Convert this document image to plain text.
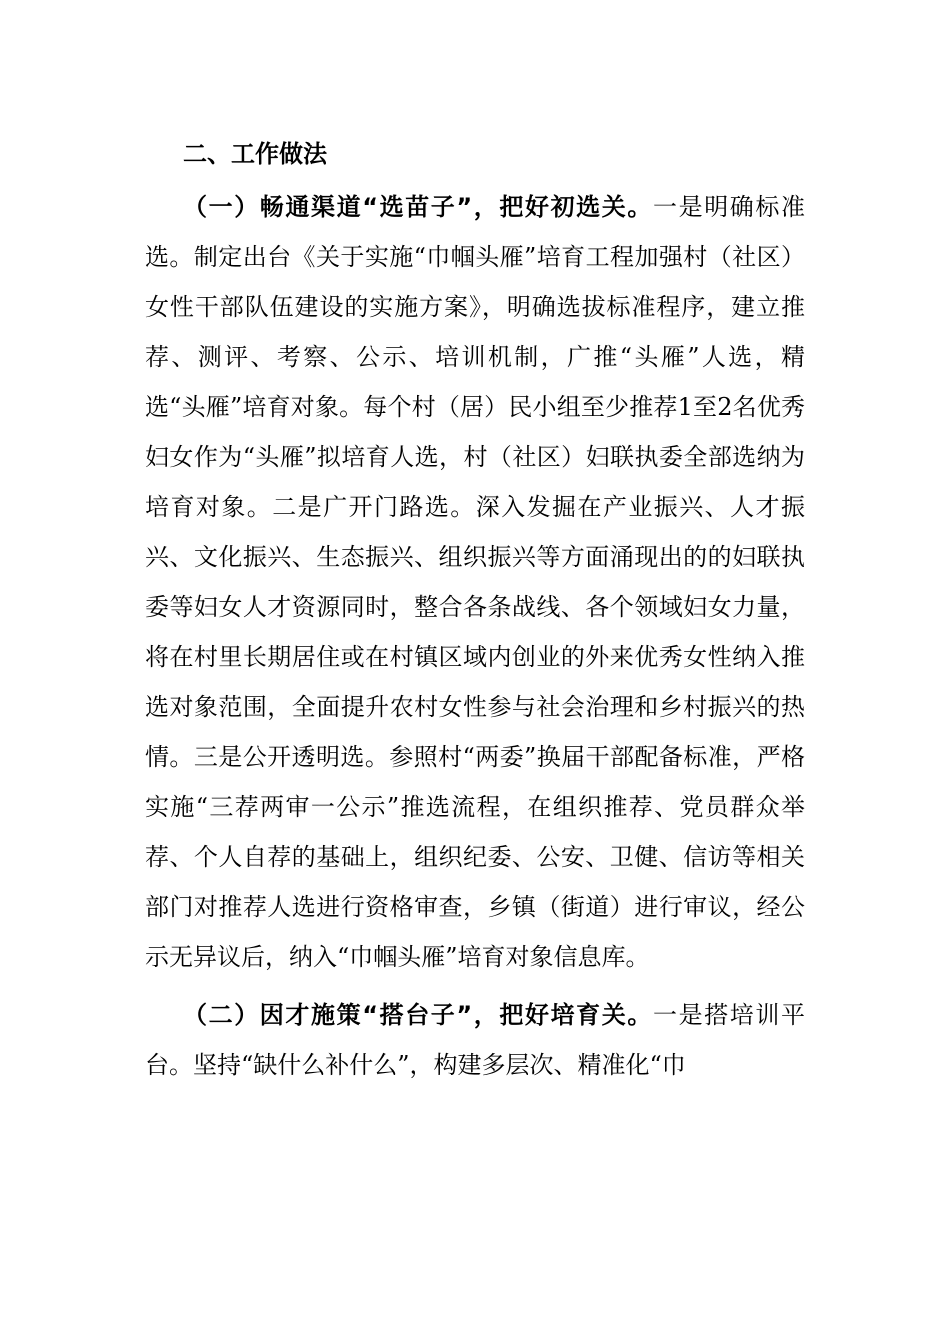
二、工作做法

（一）畅通渠道“选苗子”，把好初选关。一是明确标准选。制定出台《关于实施“巾帼头雁”培育工程加强村（社区）女性干部队伍建设的实施方案》，明确选拔标准程序，建立推荐、测评、考察、公示、培训机制，广推“头雁”人选，精选“头雁”培育对象。每个村（居）民小组至少推荐1至2名优秀妇女作为“头雁”拟培育人选，村（社区）妇联执委全部选纳为培育对象。二是广开门路选。深入发掘在产业振兴、人才振兴、文化振兴、生态振兴、组织振兴等方面涌现出的的妇联执委等妇女人才资源同时，整合各条战线、各个领域妇女力量，将在村里长期居住或在村镇区域内创业的外来优秀女性纳入推选对象范围，全面提升农村女性参与社会治理和乡村振兴的热情。三是公开透明选。参照村“两委”换届干部配备标准，严格实施“三荐两审一公示”推选流程，在组织推荐、党员群众举荐、个人自荐的基础上，组织纪委、公安、卫健、信访等相关部门对推荐人选进行资格审查，乡镇（街道）进行审议，经公示无异议后，纳入“巾帼头雁”培育对象信息库。

（二）因才施策“搭台子”，把好培育关。一是搭培训平台。坚持“缺什么补什么”，构建多层次、精准化“巾
